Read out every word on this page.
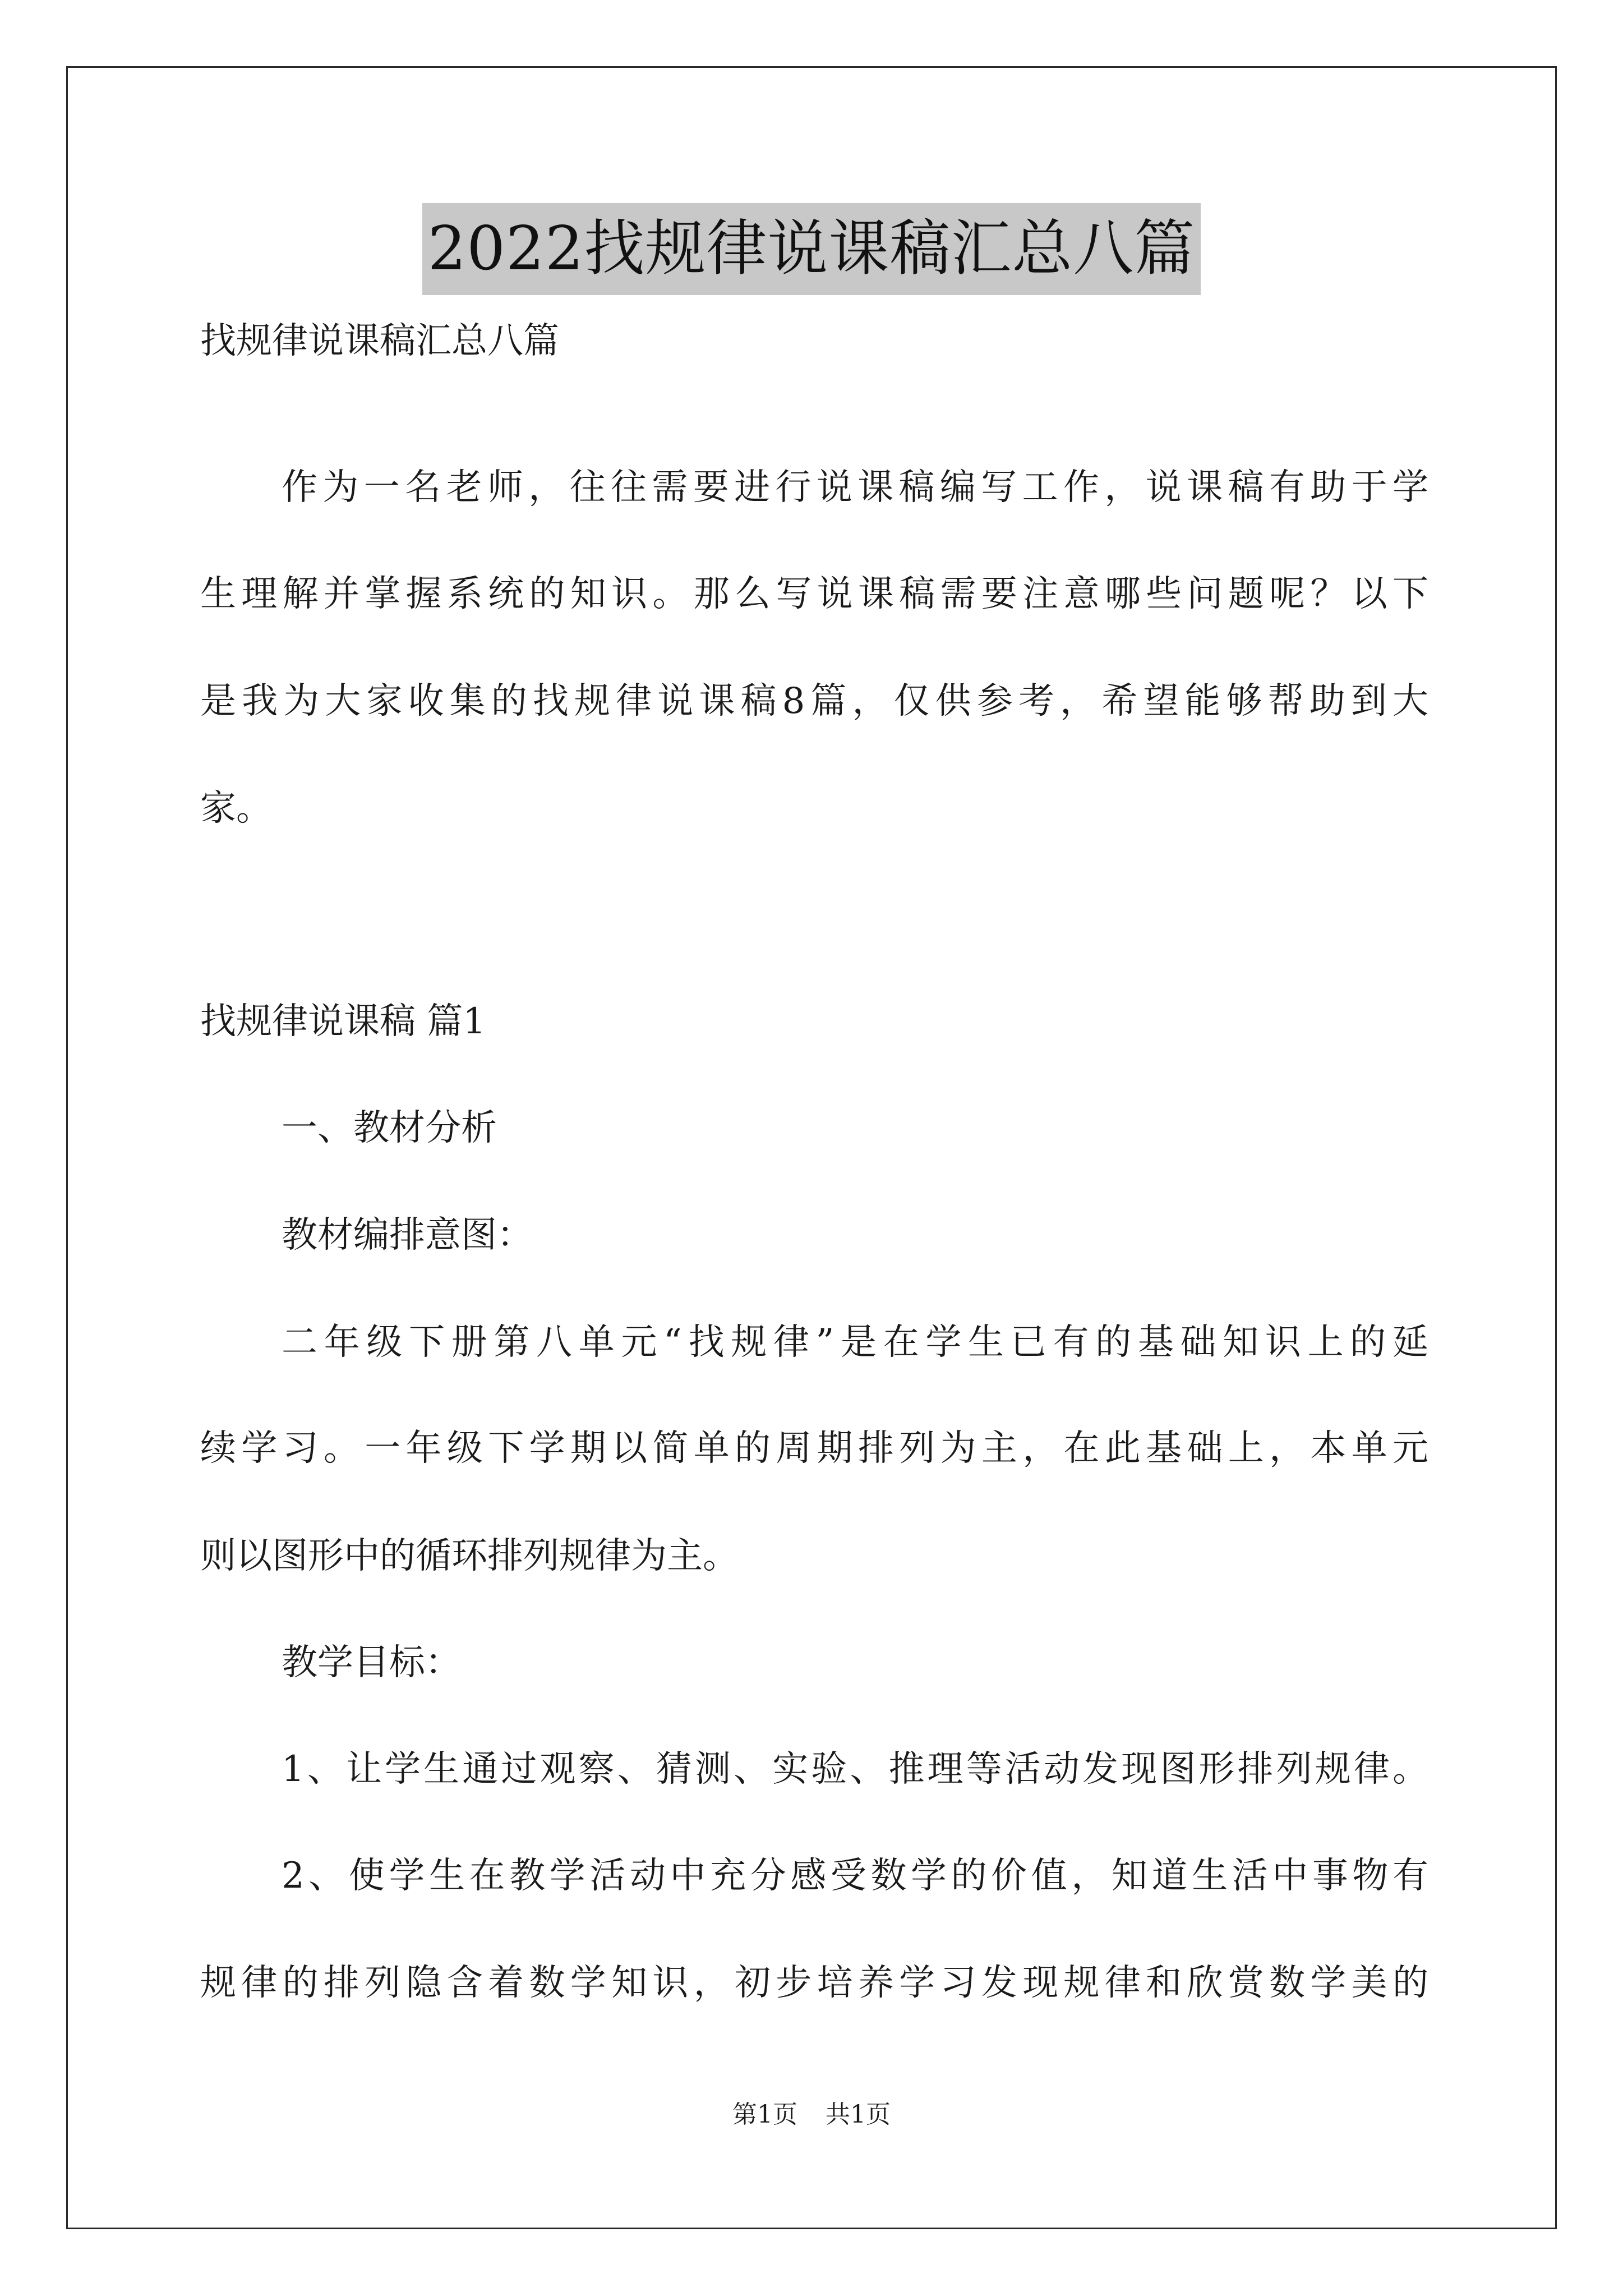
2022找规律说课稿汇总八篇
找规律说课稿汇总八篇
作为一名老师，往往需要进行说课稿编写工作，说课稿有助于学
生理解并掌握系统的知识。那么写说课稿需要注意哪些问题呢？以下
是我为大家收集的找规律说课稿8篇，仅供参考，希望能够帮助到大
家。
找规律说课稿 篇1
一、教材分析
教材编排意图：
二年级下册第八单元“找规律”是在学生已有的基础知识上的延
续学习。一年级下学期以简单的周期排列为主，在此基础上，本单元
则以图形中的循环排列规律为主。
教学目标：
1、让学生通过观察、猜测、实验、推理等活动发现图形排列规律。
2、使学生在教学活动中充分感受数学的价值，知道生活中事物有
规律的排列隐含着数学知识，初步培养学习发现规律和欣赏数学美的
第1页 共1页
